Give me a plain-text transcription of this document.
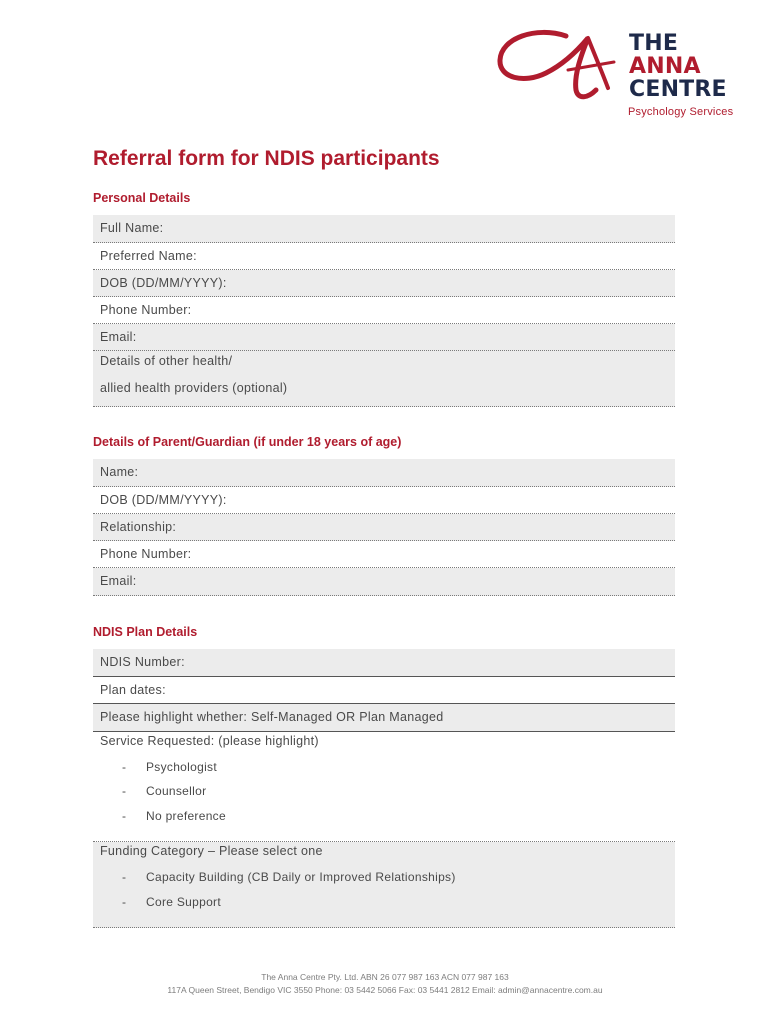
THE
ANNA
CENTRE
Psychology Services
Referral form for NDIS participants
Personal Details
Full Name:
Preferred Name:
DOB (DD/MM/YYYY):
Phone Number:
Email:
Details of other health/
allied health providers (optional)
Details of Parent/Guardian (if under 18 years of age)
Name:
DOB (DD/MM/YYYY):
Relationship:
Phone Number:
Email:
NDIS Plan Details
NDIS Number:
Plan dates:
Please highlight whether: Self-Managed OR Plan Managed
Service Requested: (please highlight)
- Psychologist
- Counsellor
- No preference
Funding Category – Please select one
- Capacity Building (CB Daily or Improved Relationships)
- Core Support
The Anna Centre Pty. Ltd. ABN 26 077 987 163 ACN 077 987 163
117A Queen Street, Bendigo VIC 3550 Phone: 03 5442 5066 Fax: 03 5441 2812 Email: admin@annacentre.com.au
